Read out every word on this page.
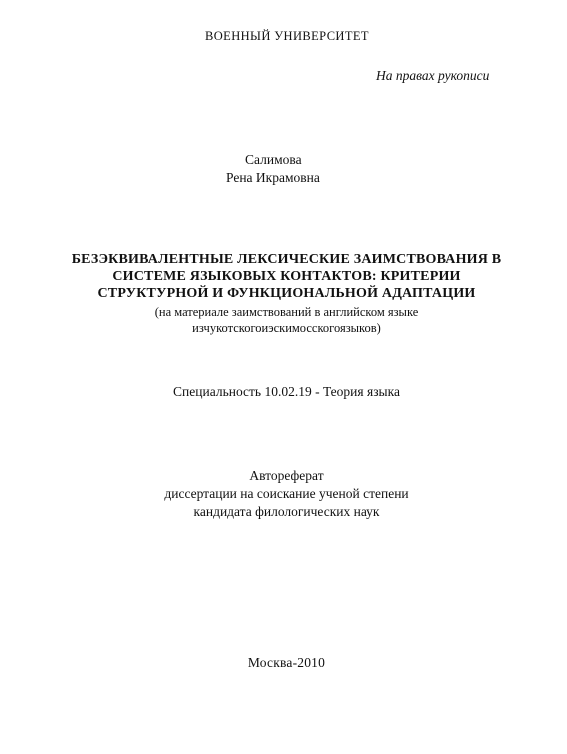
ВОЕННЫЙ УНИВЕРСИТЕТ
На правах рукописи
Салимова
Рена Икрамовна
БЕЗЭКВИВАЛЕНТНЫЕ ЛЕКСИЧЕСКИЕ ЗАИМСТВОВАНИЯ В
СИСТЕМЕ ЯЗЫКОВЫХ КОНТАКТОВ: КРИТЕРИИ
СТРУКТУРНОЙ И ФУНКЦИОНАЛЬНОЙ АДАПТАЦИИ
(на материале заимствований в английском языке
изчукотскогоиэскимосскогоязыков)
Специальность 10.02.19 - Теория языка
Автореферат
диссертации на соискание ученой степени
кандидата филологических наук
Москва-2010
